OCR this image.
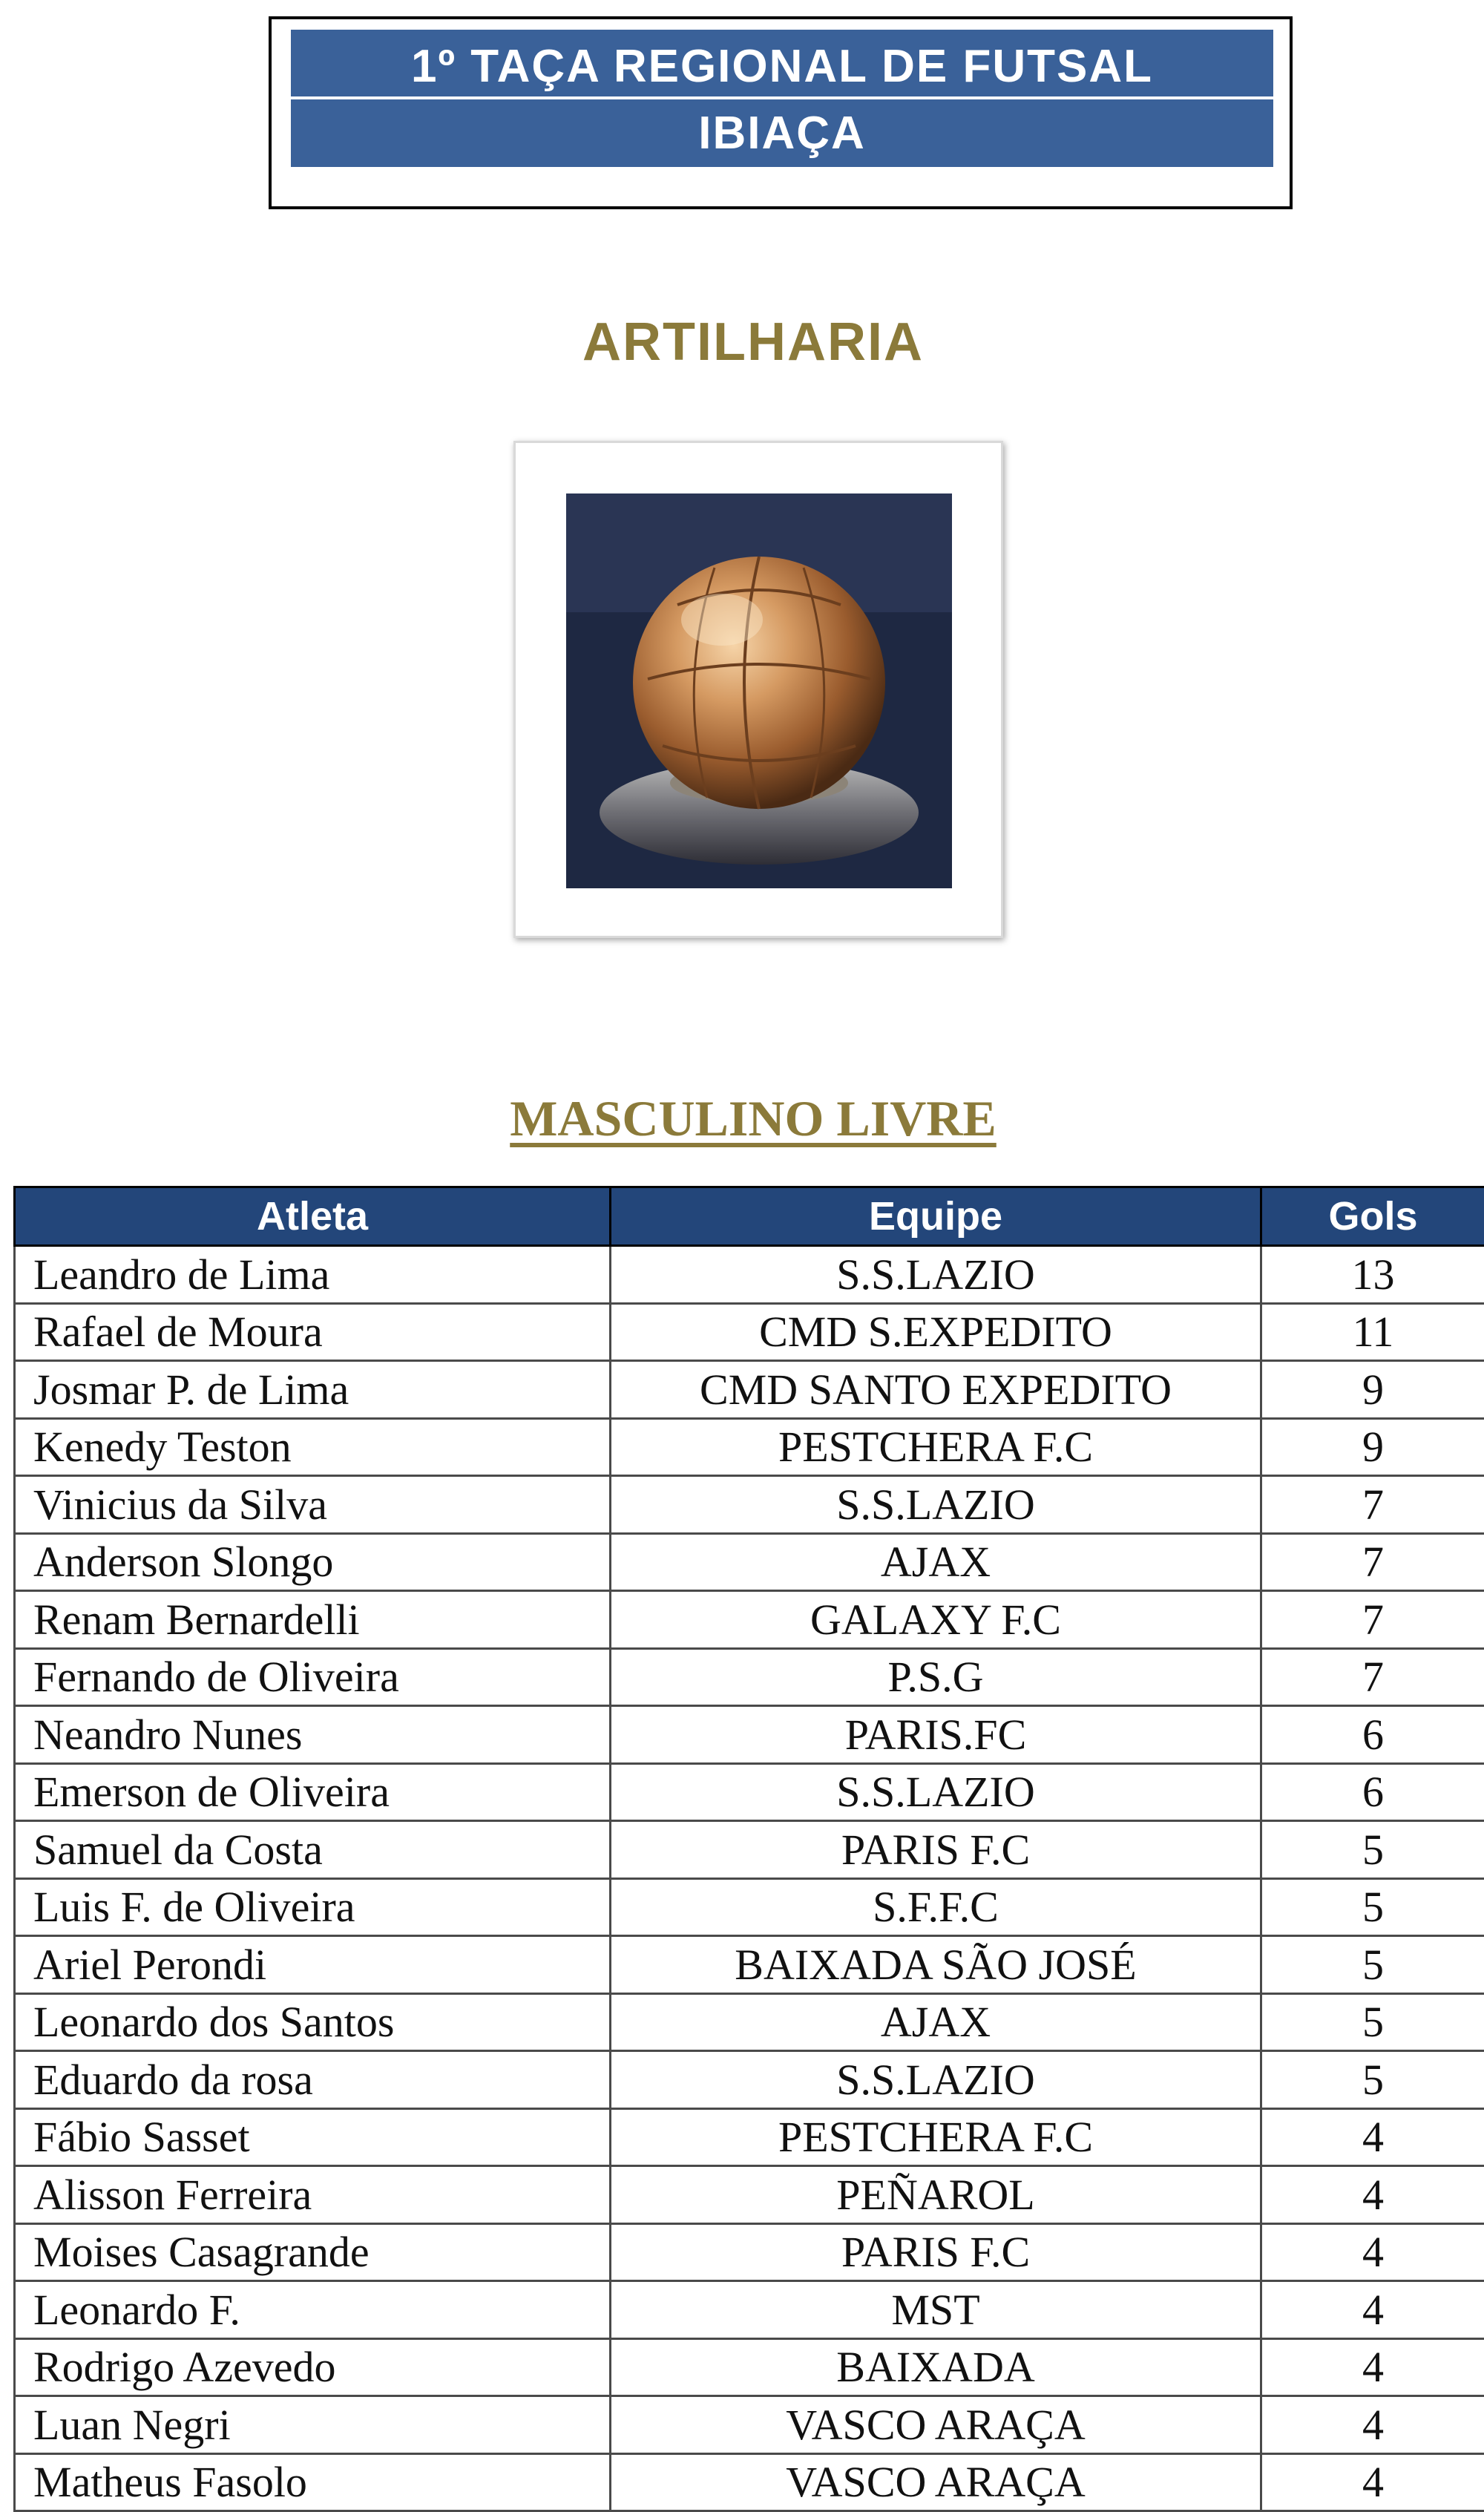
1º TAÇA REGIONAL DE FUTSAL
IBIAÇA
ARTILHARIA
MASCULINO LIVRE
Atleta	Equipe	Gols
Leandro de Lima	S.S.LAZIO	13
Rafael de Moura	CMD S.EXPEDITO	11
Josmar P. de Lima	CMD SANTO EXPEDITO	9
Kenedy Teston	PESTCHERA F.C	9
Vinicius da Silva	S.S.LAZIO	7
Anderson Slongo	AJAX	7
Renam Bernardelli	GALAXY F.C	7
Fernando de Oliveira	P.S.G	7
Neandro Nunes	PARIS.FC	6
Emerson de Oliveira	S.S.LAZIO	6
Samuel da Costa	PARIS F.C	5
Luis F. de Oliveira	S.F.F.C	5
Ariel Perondi	BAIXADA SÃO JOSÉ	5
Leonardo dos Santos	AJAX	5
Eduardo da rosa	S.S.LAZIO	5
Fábio Sasset	PESTCHERA F.C	4
Alisson Ferreira	PEÑAROL	4
Moises Casagrande	PARIS F.C	4
Leonardo F.	MST	4
Rodrigo Azevedo	BAIXADA	4
Luan Negri	VASCO ARAÇA	4
Matheus Fasolo	VASCO ARAÇA	4
